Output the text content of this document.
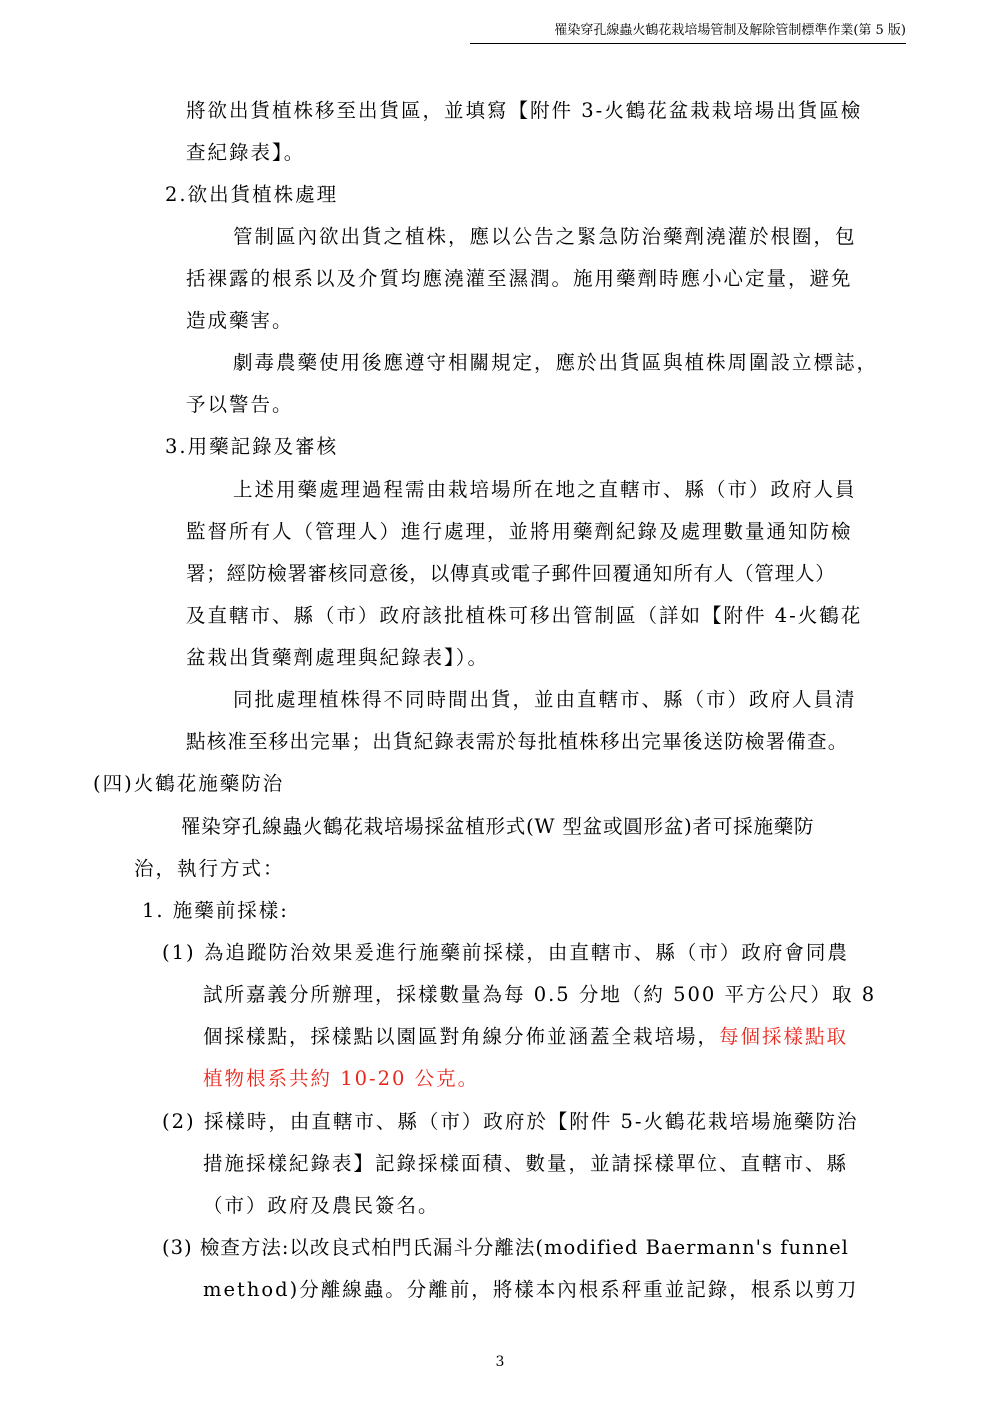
罹染穿孔線蟲火鶴花栽培場管制及解除管制標準作業(第 5 版)
將欲出貨植株移至出貨區，並填寫【附件 3-火鶴花盆栽栽培場出貨區檢
查紀錄表】。
2.欲出貨植株處理
管制區內欲出貨之植株，應以公告之緊急防治藥劑澆灌於根圈，包
括裸露的根系以及介質均應澆灌至濕潤。施用藥劑時應小心定量，避免
造成藥害。
劇毒農藥使用後應遵守相關規定，應於出貨區與植株周圍設立標誌，
予以警告。
3.用藥記錄及審核
上述用藥處理過程需由栽培場所在地之直轄市、縣（市）政府人員
監督所有人（管理人）進行處理，並將用藥劑紀錄及處理數量通知防檢
署；經防檢署審核同意後，以傳真或電子郵件回覆通知所有人（管理人）
及直轄市、縣（市）政府該批植株可移出管制區（詳如【附件 4-火鶴花
盆栽出貨藥劑處理與紀錄表】）。
同批處理植株得不同時間出貨，並由直轄市、縣（市）政府人員清
點核准至移出完畢；出貨紀錄表需於每批植株移出完畢後送防檢署備查。
(四)火鶴花施藥防治
罹染穿孔線蟲火鶴花栽培場採盆植形式(W 型盆或圓形盆)者可採施藥防
治，執行方式：
1. 施藥前採樣:
(1) 為追蹤防治效果爰進行施藥前採樣，由直轄市、縣（市）政府會同農
試所嘉義分所辦理，採樣數量為每 0.5 分地（約 500 平方公尺）取 8
個採樣點，採樣點以園區對角線分佈並涵蓋全栽培場，每個採樣點取
植物根系共約 10-20 公克。
(2) 採樣時，由直轄市、縣（市）政府於【附件 5-火鶴花栽培場施藥防治
措施採樣紀錄表】記錄採樣面積、數量，並請採樣單位、直轄市、縣
（市）政府及農民簽名。
(3) 檢查方法:以改良式柏門氏漏斗分離法(modified Baermann's funnel
method)分離線蟲。分離前，將樣本內根系秤重並記錄，根系以剪刀
3
